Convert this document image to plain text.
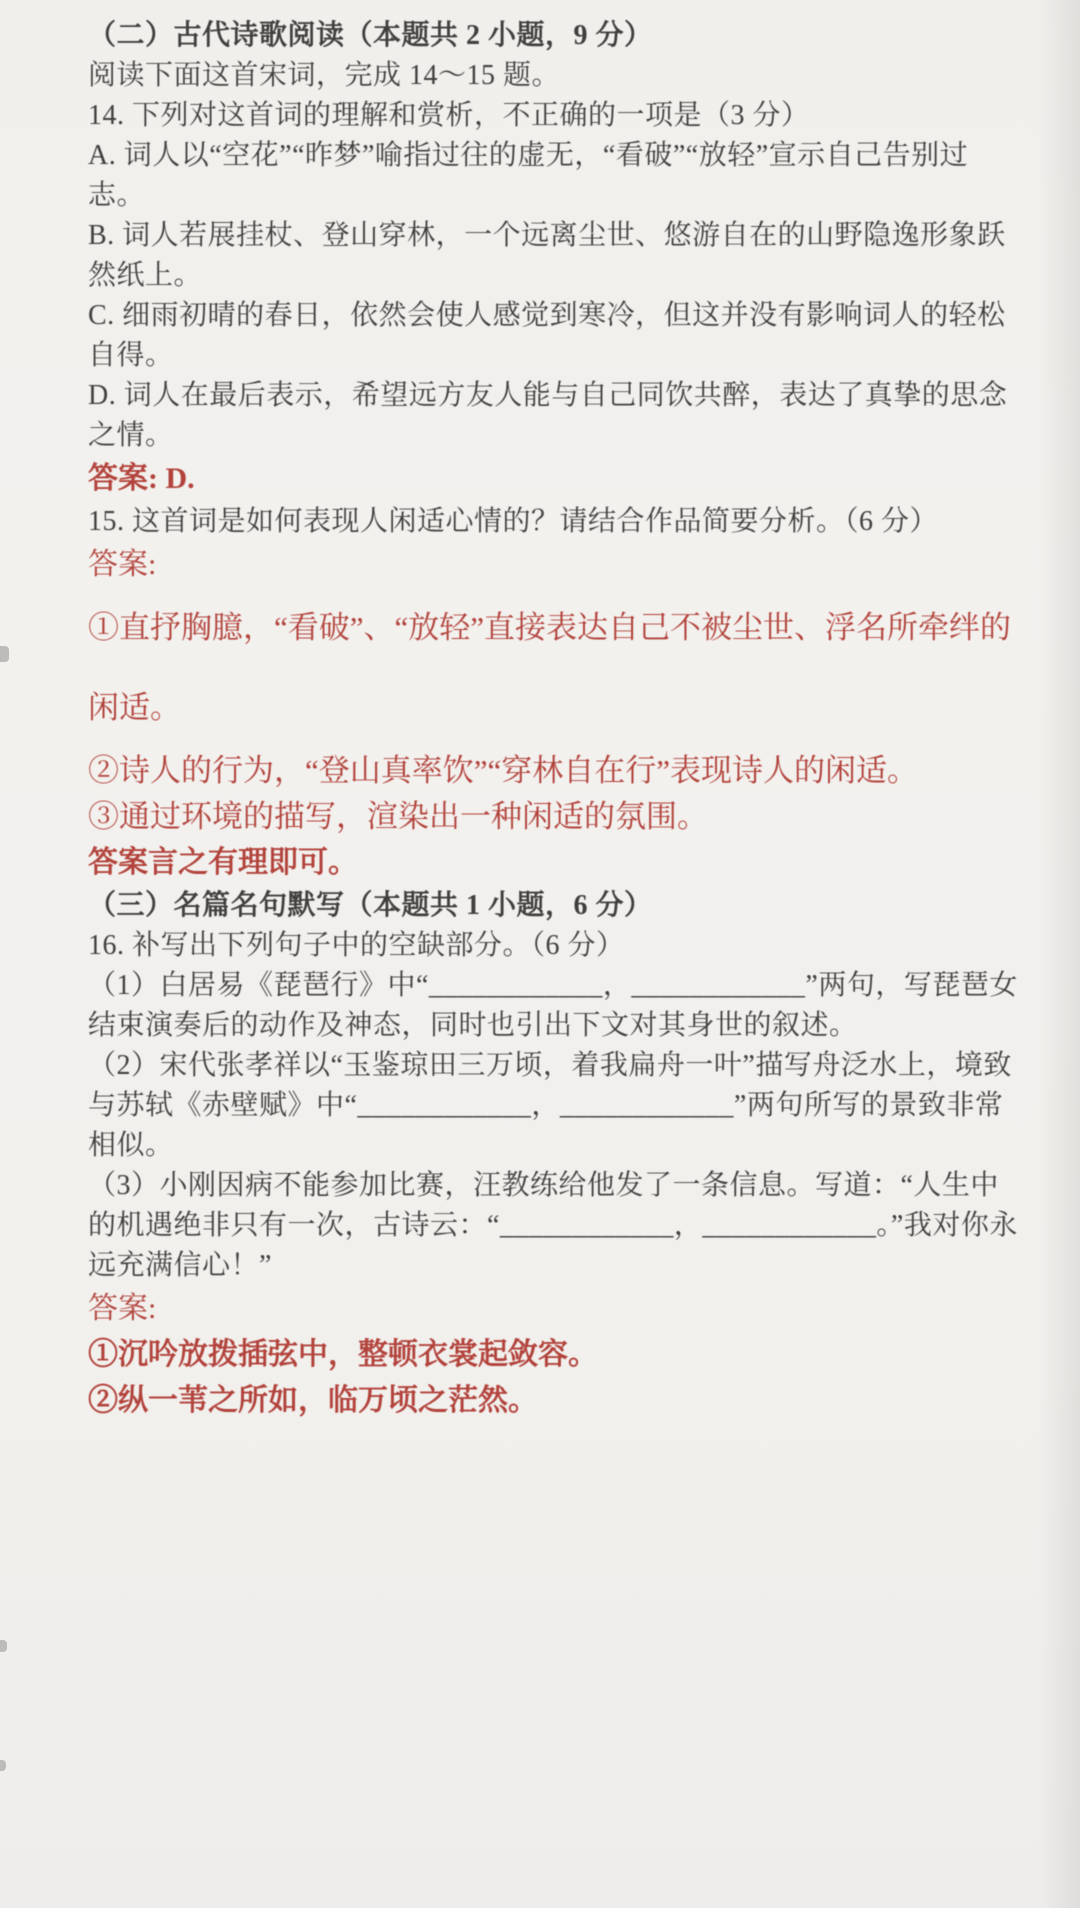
（二）古代诗歌阅读（本题共 2 小题，9 分）

阅读下面这首宋词，完成 14～15 题。

14. 下列对这首词的理解和赏析，不正确的一项是（3 分）

A. 词人以“空花”“昨梦”喻指过往的虚无，“看破”“放轻”宣示自己告别过志。

B. 词人若展挂杖、登山穿林，一个远离尘世、悠游自在的山野隐逸形象跃然纸上。

C. 细雨初晴的春日，依然会使人感觉到寒冷，但这并没有影响词人的轻松自得。

D. 词人在最后表示，希望远方友人能与自己同饮共醉，表达了真挚的思念之情。

答案: D.

15. 这首词是如何表现人闲适心情的？请结合作品简要分析。（6 分）

答案:

①直抒胸臆，“看破”、“放轻”直接表达自己不被尘世、浮名所牵绊的闲适。

②诗人的行为，“登山真率饮”“穿林自在行”表现诗人的闲适。

③通过环境的描写，渲染出一种闲适的氛围。

答案言之有理即可。

（三）名篇名句默写（本题共 1 小题，6 分）

16. 补写出下列句子中的空缺部分。（6 分）

（1）白居易《琵琶行》中“____________，____________”两句，写琵琶女结束演奏后的动作及神态，同时也引出下文对其身世的叙述。

（2）宋代张孝祥以“玉鉴琼田三万顷，着我扁舟一叶”描写舟泛水上，境致与苏轼《赤壁赋》中“____________，____________”两句所写的景致非常相似。

（3）小刚因病不能参加比赛，汪教练给他发了一条信息。写道：“人生中的机遇绝非只有一次，古诗云：“____________，____________。”我对你永远充满信心！”

答案:

①沉吟放拨插弦中，整顿衣裳起敛容。

②纵一苇之所如，临万顷之茫然。
